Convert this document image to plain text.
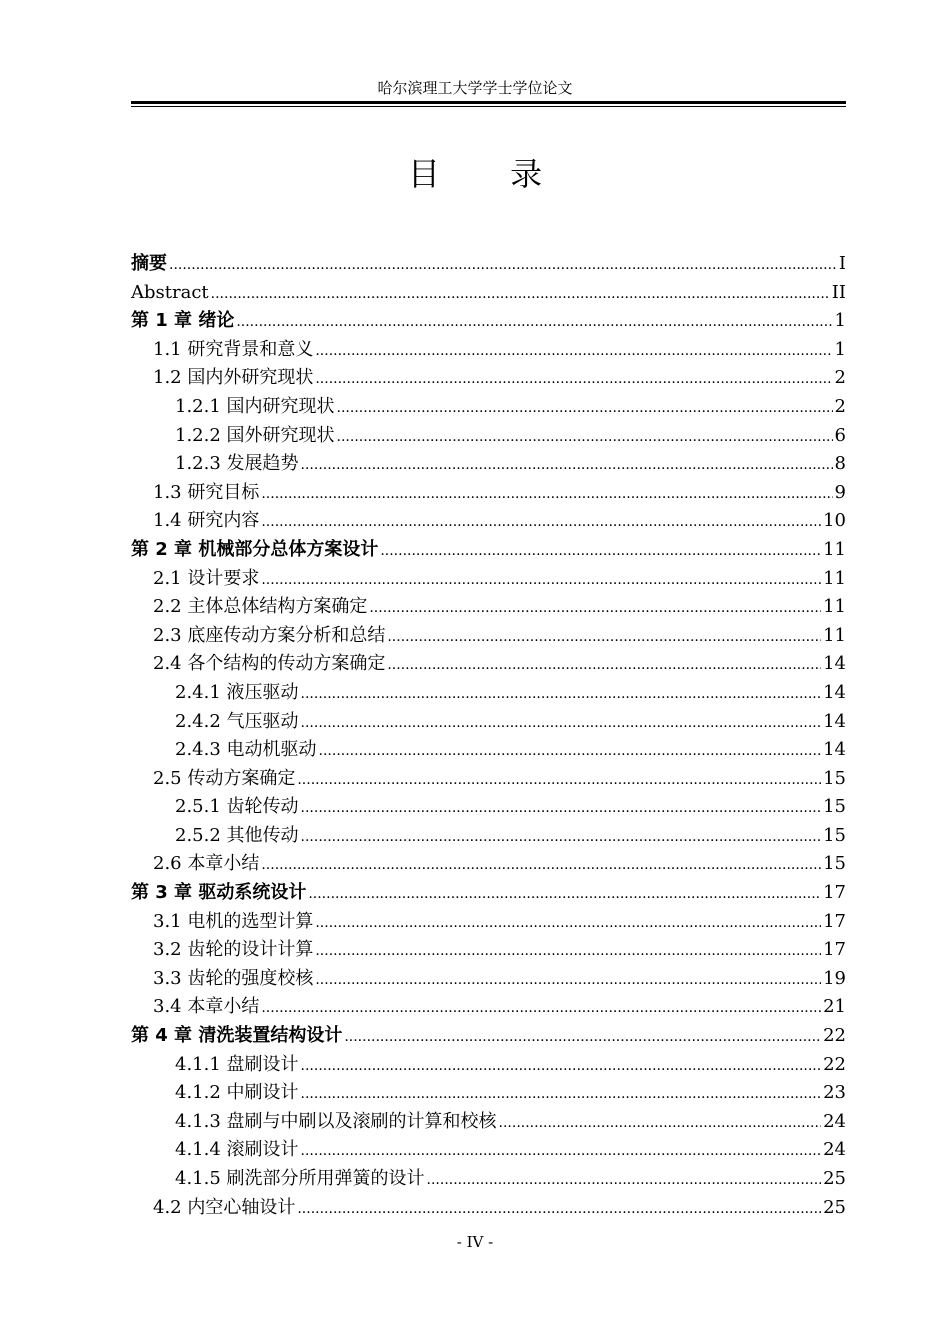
哈尔滨理工大学学士学位论文
目 录
摘要 .....	I
Abstract .....	II
第 1 章 绪论 .....	1
1.1 研究背景和意义 .....	1
1.2 国内外研究现状 .....	2
1.2.1 国内研究现状 .....	2
1.2.2 国外研究现状 .....	6
1.2.3 发展趋势 .....	8
1.3 研究目标 .....	9
1.4 研究内容 .....	10
第 2 章 机械部分总体方案设计 .....	11
2.1 设计要求 .....	11
2.2 主体总体结构方案确定 .....	11
2.3 底座传动方案分析和总结 .....	11
2.4 各个结构的传动方案确定 .....	14
2.4.1 液压驱动 .....	14
2.4.2 气压驱动 .....	14
2.4.3 电动机驱动 .....	14
2.5 传动方案确定 .....	15
2.5.1 齿轮传动 .....	15
2.5.2 其他传动 .....	15
2.6 本章小结 .....	15
第 3 章 驱动系统设计 .....	17
3.1 电机的选型计算 .....	17
3.2 齿轮的设计计算 .....	17
3.3 齿轮的强度校核 .....	19
3.4 本章小结 .....	21
第 4 章 清洗装置结构设计 .....	22
4.1.1 盘刷设计 .....	22
4.1.2 中刷设计 .....	23
4.1.3 盘刷与中刷以及滚刷的计算和校核 .....	24
4.1.4 滚刷设计 .....	24
4.1.5 刷洗部分所用弹簧的设计 .....	25
4.2 内空心轴设计 .....	25
- IV -
